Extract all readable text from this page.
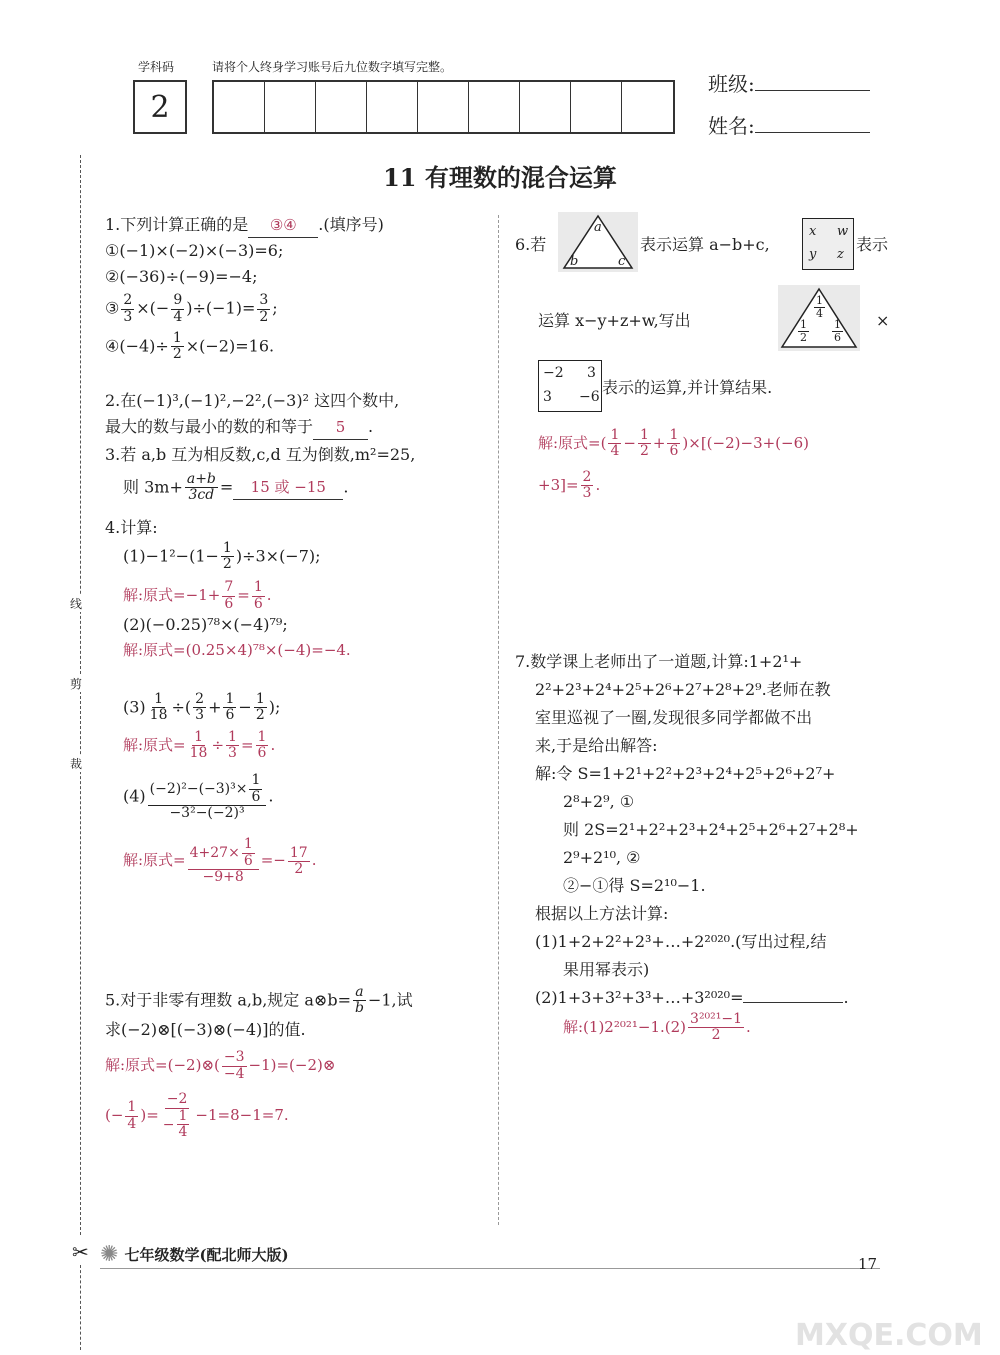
学科码
2
请将个人终身学习账号后九位数字填写完整。
班级:
姓名:
11 有理数的混合运算
线
剪
裁
✂
1.下列计算正确的是 ③④ .(填序号)
①(−1)×(−2)×(−3)=6;
②(−36)÷(−9)=−4;
③ $\frac{2}{3}$ ×(− $\frac{9}{4} )\div(-1)= \frac{3}{2}$ ;
④(−4)÷ $\frac{1}{2} \times(-2)=16$.
2.在(−1)³,(−1)²,−2²,(−3)² 这四个数中,
最大的数与最小的数的和等于 5 .
3.若 a,b 互为相反数,c,d 互为倒数,m²=25,
则 $3m+ \frac{a+b}{3cd} = 15$ 或 −15 .
4.计算:
$(1)-1^2-(1- \frac{1}{2} )\div 3\times(-7)$;
解:原式$=-1+ \frac{7}{6} = \frac{1}{6}$ .
(2)(−0.25)⁷⁸×(−4)⁷⁹;
解:原式=(0.25×4)⁷⁸×(−4)=−4.
$(3) \frac{1}{18}$ ÷( $\frac{2}{3} + \frac{1}{6} - \frac{1}{2}$ );
解:原式= $\frac{1}{18} \div \frac{1}{3} = \frac{1}{6}$ .
$(4) \frac{(-2)^2-(-3)^3\times \frac{1}{6}}{\text{−3²−(−2)³}}$ .
解:原式= $\frac{4+27\times \frac{1}{6}}{-9+8} =- \frac{17}{2}$ .
5.对于非零有理数 a,b,规定 a⊗b= $\frac{a}{b} -1$,试
求(−2)⊗[(−3)⊗(−4)]的值.
解:原式=(−2)⊗( $\frac{-3}{-4}$ −1)=(−2)⊗
(− $\frac{1}{4}$ )= $\frac{-2}{- \frac{1}{4}} -1=8-1=7$.
6.若
a
b	c
表示运算 a−b+c,
x w
y z
表示
运算 x−y+z+w,写出
$\frac{1}{4}$
$\frac{1}{2} \frac{1}{6}$ ×
−2 3
3 −6 表示的运算,并计算结果.
解:原式=( $\frac{1}{4} - \frac{1}{2} + \frac{1}{6} )\times[(-2)-3+(-6)$
$+3]= \frac{2}{3}$ .
7.数学课上老师出了一道题,计算:1+2¹+
2²+2³+2⁴+2⁵+2⁶+2⁷+2⁸+2⁹.老师在教
室里巡视了一圈,发现很多同学都做不出
来,于是给出解答:
解:令 S=1+2¹+2²+2³+2⁴+2⁵+2⁶+2⁷+
2⁸+2⁹, ①
则 2S=2¹+2²+2³+2⁴+2⁵+2⁶+2⁷+2⁸+
2⁹+2¹⁰, ②
②−①得 S=2¹⁰−1.
根据以上方法计算:
(1)1+2+2²+2³+…+2²⁰²⁰.(写出过程,结
果用幂表示)
(2)1+3+3²+3³+…+3²⁰²⁰=	.
解:(1)2²⁰²¹−1.(2) $\frac{\text{3²⁰²¹−1}}{2}$ .
✺ 七年级数学(配北师大版)	17
MXQE.COM
